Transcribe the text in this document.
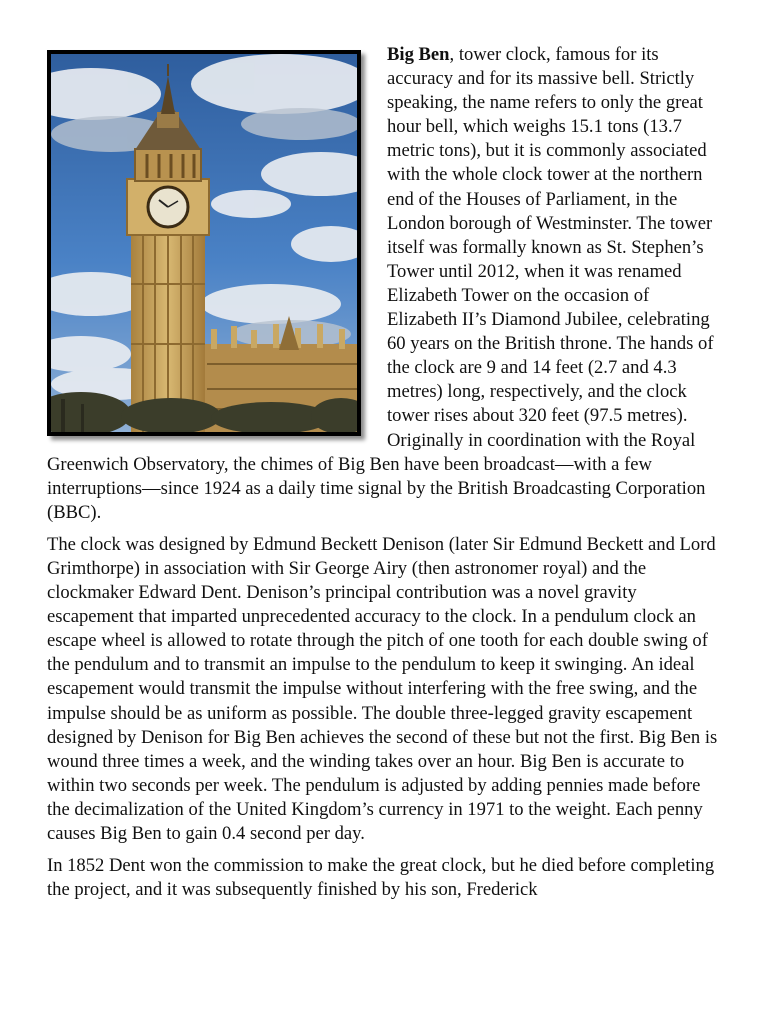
Big Ben, tower clock, famous for its accuracy and for its massive bell. Strictly speaking, the name refers to only the great hour bell, which weighs 15.1 tons (13.7 metric tons), but it is commonly associated with the whole clock tower at the northern end of the Houses of Parliament, in the London borough of Westminster. The tower itself was formally known as St. Stephen’s Tower until 2012, when it was renamed Elizabeth Tower on the occasion of Elizabeth II’s Diamond Jubilee, celebrating 60 years on the British throne. The hands of the clock are 9 and 14 feet (2.7 and 4.3 metres) long, respectively, and the clock tower rises about 320 feet (97.5 metres). Originally in coordination with the Royal Greenwich Observatory, the chimes of Big Ben have been broadcast—with a few interruptions—since 1924 as a daily time signal by the British Broadcasting Corporation (BBC).

The clock was designed by Edmund Beckett Denison (later Sir Edmund Beckett and Lord Grimthorpe) in association with Sir George Airy (then astronomer royal) and the clockmaker Edward Dent. Denison’s principal contribution was a novel gravity escapement that imparted unprecedented accuracy to the clock. In a pendulum clock an escape wheel is allowed to rotate through the pitch of one tooth for each double swing of the pendulum and to transmit an impulse to the pendulum to keep it swinging. An ideal escapement would transmit the impulse without interfering with the free swing, and the impulse should be as uniform as possible. The double three-legged gravity escapement designed by Denison for Big Ben achieves the second of these but not the first. Big Ben is wound three times a week, and the winding takes over an hour. Big Ben is accurate to within two seconds per week. The pendulum is adjusted by adding pennies made before the decimalization of the United Kingdom’s currency in 1971 to the weight. Each penny causes Big Ben to gain 0.4 second per day.

In 1852 Dent won the commission to make the great clock, but he died before completing the project, and it was subsequently finished by his son, Frederick
